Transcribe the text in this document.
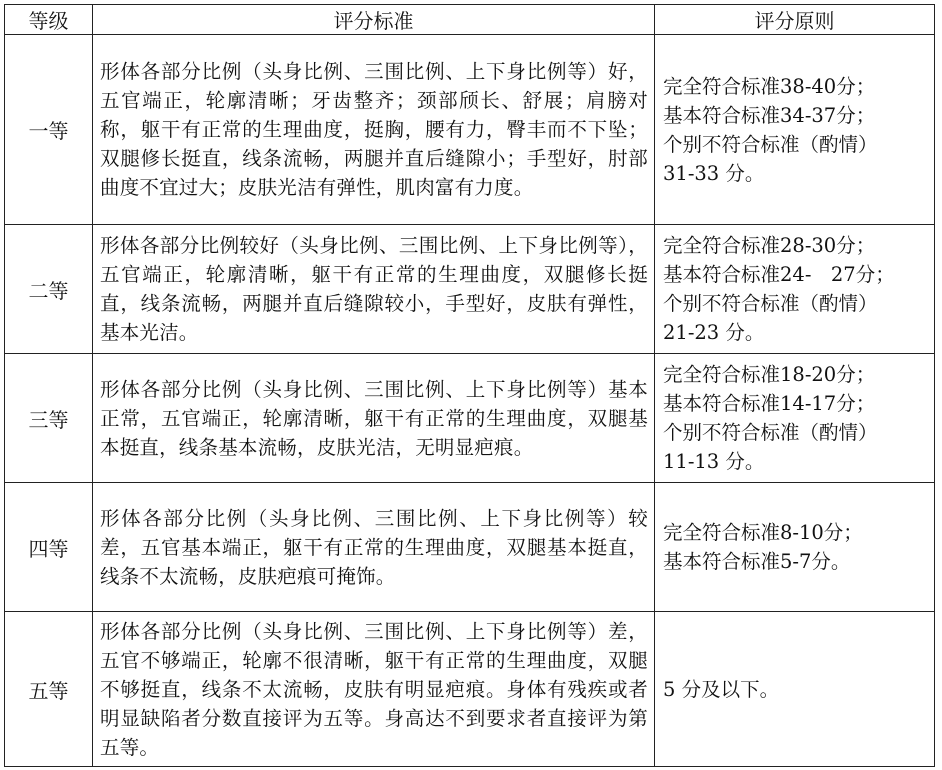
等级	评分标准	评分原则
一等	形体各部分比例（头身比例、三围比例、上下身比例等）好，五官端正，轮廓清晰；牙齿整齐；颈部颀长、舒展；肩膀对称，躯干有正常的生理曲度，挺胸，腰有力，臀丰而不下坠；双腿修长挺直，线条流畅，两腿并直后缝隙小；手型好，肘部曲度不宜过大；皮肤光洁有弹性，肌肉富有力度。	完全符合标准38-40分；
基本符合标准34-37分；
个别不符合标准（酌情）
31-33 分。

二等	形体各部分比例较好（头身比例、三围比例、上下身比例等），五官端正，轮廓清晰，躯干有正常的生理曲度，双腿修长挺直，线条流畅，两腿并直后缝隙较小，手型好，皮肤有弹性，基本光洁。	完全符合标准28-30分；
基本符合标准24-　27分；
个别不符合标准（酌情）
21-23 分。

三等	形体各部分比例（头身比例、三围比例、上下身比例等）基本正常，五官端正，轮廓清晰，躯干有正常的生理曲度，双腿基本挺直，线条基本流畅，皮肤光洁，无明显疤痕。	完全符合标准18-20分；
基本符合标准14-17分；
个别不符合标准（酌情）
11-13 分。

四等	形体各部分比例（头身比例、三围比例、上下身比例等）较差，五官基本端正，躯干有正常的生理曲度，双腿基本挺直，线条不太流畅，皮肤疤痕可掩饰。	完全符合标准8-10分；
基本符合标准5-7分。

五等	形体各部分比例（头身比例、三围比例、上下身比例等）差，五官不够端正，轮廓不很清晰，躯干有正常的生理曲度，双腿不够挺直，线条不太流畅，皮肤有明显疤痕。身体有残疾或者明显缺陷者分数直接评为五等。身高达不到要求者直接评为第五等。	5 分及以下。
